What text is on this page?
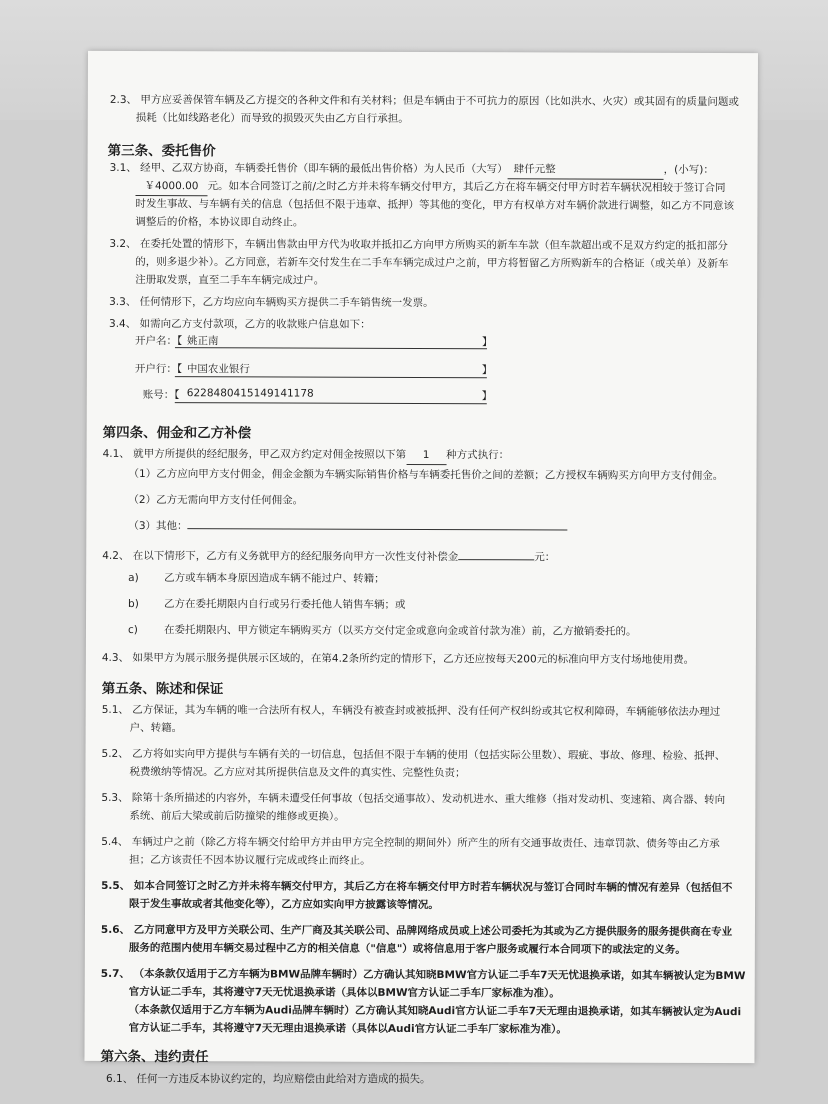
2.3、 甲方应妥善保管车辆及乙方提交的各种文件和有关材料；但是车辆由于不可抗力的原因（比如洪水、火灾）或其固有的质量问题或
损耗（比如线路老化）而导致的损毁灭失由乙方自行承担。
第三条、委托售价
3.1、 经甲、乙双方协商，车辆委托售价（即车辆的最低出售价格）为人民币（大写） 肆仟元整	，(小写)：
￥4000.00 元。如本合同签订之前/之时乙方并未将车辆交付甲方，其后乙方在将车辆交付甲方时若车辆状况相较于签订合同
时发生事故、与车辆有关的信息（包括但不限于违章、抵押）等其他的变化，甲方有权单方对车辆价款进行调整，如乙方不同意该
调整后的价格，本协议即自动终止。
3.2、 在委托处置的情形下，车辆出售款由甲方代为收取并抵扣乙方向甲方所购买的新车车款（但车款超出或不足双方约定的抵扣部分
的，则多退少补）。乙方同意，若新车交付发生在二手车车辆完成过户之前，甲方将暂留乙方所购新车的合格证（或关单）及新车
注册取发票，直至二手车车辆完成过户。
3.3、 任何情形下，乙方均应向车辆购买方提供二手车销售统一发票。
3.4、 如需向乙方支付款项，乙方的收款账户信息如下：
开户名：【 姚正南	】
开户行：【 中国农业银行	】
账号：【 6228480415149141178	】
第四条、佣金和乙方补偿
4.1、 就甲方所提供的经纪服务，甲乙双方约定对佣金按照以下第 1 种方式执行：
（1）乙方应向甲方支付佣金，佣金金额为车辆实际销售价格与车辆委托售价之间的差额；乙方授权车辆购买方向甲方支付佣金。
（2）乙方无需向甲方支付任何佣金。
（3）其他：
4.2、 在以下情形下，乙方有义务就甲方的经纪服务向甲方一次性支付补偿金	元：
a) 乙方或车辆本身原因造成车辆不能过户、转籍；
b) 乙方在委托期限内自行或另行委托他人销售车辆；或
c) 在委托期限内、甲方锁定车辆购买方（以买方交付定金或意向金或首付款为准）前，乙方撤销委托的。
4.3、 如果甲方为展示服务提供展示区域的，在第4.2条所约定的情形下，乙方还应按每天200元的标准向甲方支付场地使用费。
第五条、陈述和保证
5.1、 乙方保证，其为车辆的唯一合法所有权人，车辆没有被查封或被抵押、没有任何产权纠纷或其它权利障碍，车辆能够依法办理过
户、转籍。
5.2、 乙方将如实向甲方提供与车辆有关的一切信息，包括但不限于车辆的使用（包括实际公里数）、瑕疵、事故、修理、检验、抵押、
税费缴纳等情况。乙方应对其所提供信息及文件的真实性、完整性负责；
5.3、 除第十条所描述的内容外，车辆未遭受任何事故（包括交通事故）、发动机进水、重大维修（指对发动机、变速箱、离合器、转向
系统、前后大梁或前后防撞梁的维修或更换）。
5.4、 车辆过户之前（除乙方将车辆交付给甲方并由甲方完全控制的期间外）所产生的所有交通事故责任、违章罚款、债务等由乙方承
担；乙方该责任不因本协议履行完成或终止而终止。
5.5、 如本合同签订之时乙方并未将车辆交付甲方，其后乙方在将车辆交付甲方时若车辆状况与签订合同时车辆的情况有差异（包括但不
限于发生事故或者其他变化等），乙方应如实向甲方披露该等情况。
5.6、 乙方同意甲方及甲方关联公司、生产厂商及其关联公司、品牌网络成员或上述公司委托为其或为乙方提供服务的服务提供商在专业
服务的范围内使用车辆交易过程中乙方的相关信息（"信息"）或将信息用于客户服务或履行本合同项下的或法定的义务。
5.7、 （本条款仅适用于乙方车辆为BMW品牌车辆时）乙方确认其知晓BMW官方认证二手车7天无忧退换承诺，如其车辆被认定为BMW
官方认证二手车，其将遵守7天无忧退换承诺（具体以BMW官方认证二手车厂家标准为准）。
（本条款仅适用于乙方车辆为Audi品牌车辆时）乙方确认其知晓Audi官方认证二手车7天无理由退换承诺，如其车辆被认定为Audi
官方认证二手车，其将遵守7天无理由退换承诺（具体以Audi官方认证二手车厂家标准为准）。
第六条、违约责任
6.1、 任何一方违反本协议约定的，均应赔偿由此给对方造成的损失。
